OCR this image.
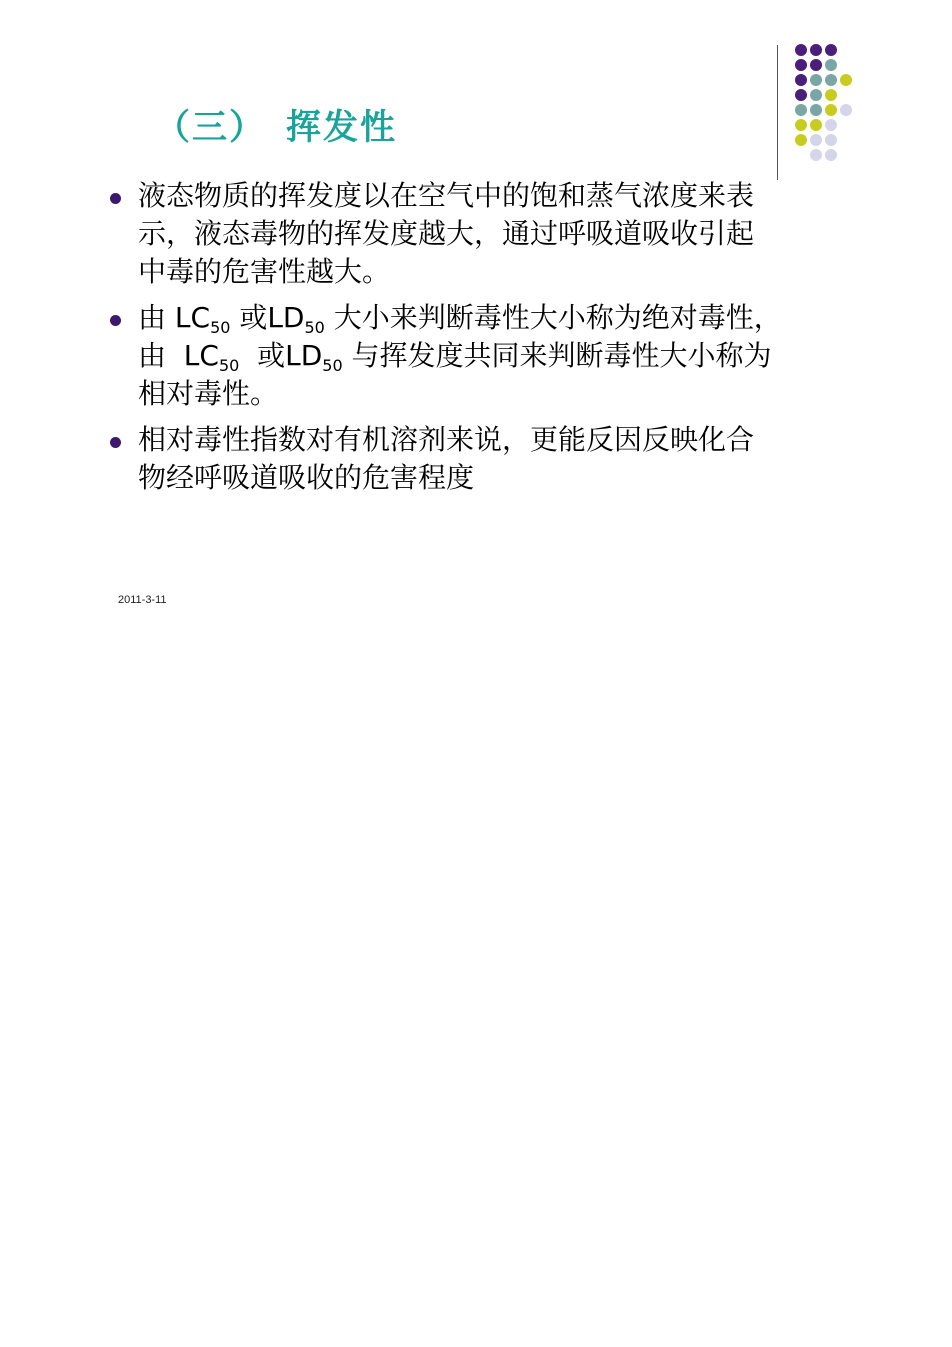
（三） 挥发性
液态物质的挥发度以在空气中的饱和蒸气浓度来表
示，液态毒物的挥发度越大，通过呼吸道吸收引起
中毒的危害性越大。
由 $LC_{50}$ 或$LD_{50}$ 大小来判断毒性大小称为绝对毒性，
由  $LC_{50}$  或$LD_{50}$ 与挥发度共同来判断毒性大小称为
相对毒性。
相对毒性指数对有机溶剂来说，更能反因反映化合
物经呼吸道吸收的危害程度
2011-3-11
